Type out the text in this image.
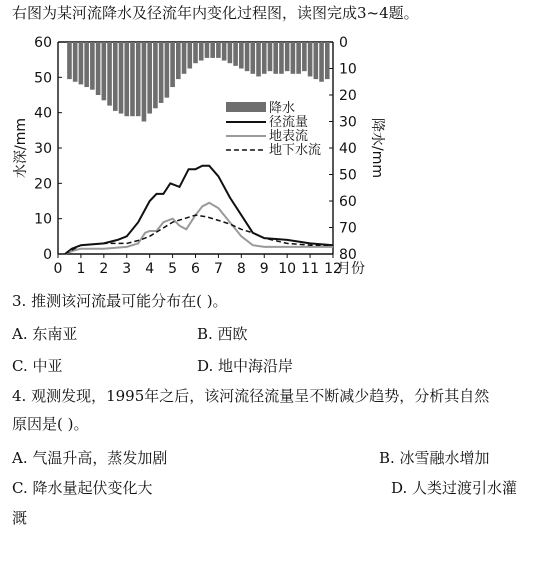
右图为某河流降水及径流年内变化过程图，读图完成3~4题。
0
10
20
30
40
50
60	0
10
20
30
40
50
60
70
80
0 1 2 3 4 5 6 7 8 9 10 11 12
月份
水深/mm	降水/mm
降水
径流量
地表流
地下水流
3. 推测该河流最可能分布在( )。
A. 东南亚	B. 西欧
C. 中亚	D. 地中海沿岸
4. 观测发现，1995年之后，该河流径流量呈不断减少趋势，分析其自然
原因是( )。
A. 气温升高，蒸发加剧	B. 冰雪融水增加
C. 降水量起伏变化大	D. 人类过渡引水灌
溉
